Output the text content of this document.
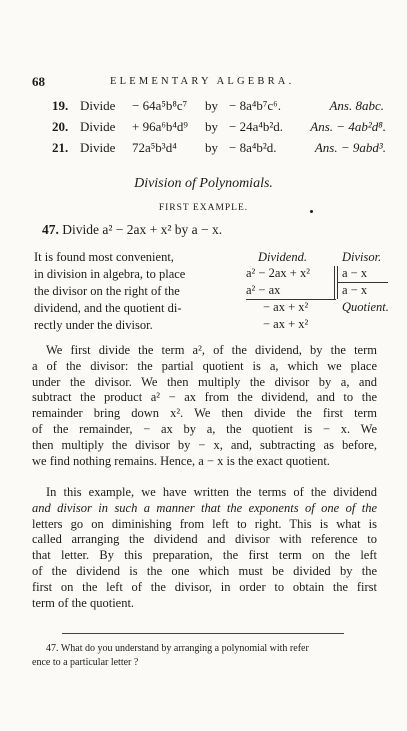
68	ELEMENTARY ALGEBRA.
19. Divide − 64a⁵b⁸c⁷ by − 8a⁴b⁷c⁶.	Ans. 8abc.
20. Divide + 96a⁶b⁴d⁹ by − 24a⁴b²d.	Ans. − 4ab²d⁸.
21. Divide 72a⁵b³d⁴ by − 8a⁴b²d.	Ans. − 9abd³.
Division of Polynomials.
FIRST EXAMPLE.
47. Divide a² − 2ax + x² by a − x.
It is found most convenient,
in division in algebra, to place
the divisor on the right of the
dividend, and the quotient di-
rectly under the divisor.
Dividend.	Divisor.
a² − 2ax + x²
a² − ax
− ax + x²
− ax + x²
a − x
a − x
Quotient.
We first divide the term a², of the dividend, by the term
a of the divisor: the partial quotient is a, which we place
under the divisor. We then multiply the divisor by a, and
subtract the product a² − ax from the dividend, and to the
remainder bring down x². We then divide the first term
of the remainder, − ax by a, the quotient is − x. We
then multiply the divisor by − x, and, subtracting as before,
we find nothing remains. Hence, a − x is the exact quotient.
In this example, we have written the terms of the dividend
and divisor in such a manner that the exponents of one of the
letters go on diminishing from left to right. This is what is
called arranging the dividend and divisor with reference to
that letter. By this preparation, the first term on the left
of the dividend is the one which must be divided by the
first on the left of the divisor, in order to obtain the first
term of the quotient.
47. What do you understand by arranging a polynomial with refer
ence to a particular letter ?
